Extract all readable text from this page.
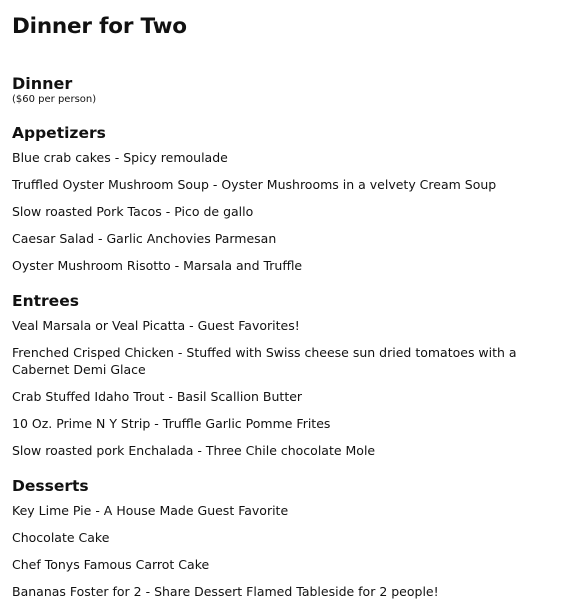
Dinner for Two
Dinner
($60 per person)
Appetizers
Blue crab cakes - Spicy remoulade
Truffled Oyster Mushroom Soup - Oyster Mushrooms in a velvety Cream Soup
Slow roasted Pork Tacos - Pico de gallo
Caesar Salad - Garlic Anchovies Parmesan
Oyster Mushroom Risotto - Marsala and Truffle
Entrees
Veal Marsala or Veal Picatta - Guest Favorites!
Frenched Crisped Chicken - Stuffed with Swiss cheese sun dried tomatoes with a Cabernet Demi Glace
Crab Stuffed Idaho Trout - Basil Scallion Butter
10 Oz. Prime N Y Strip - Truffle Garlic Pomme Frites
Slow roasted pork Enchalada - Three Chile chocolate Mole
Desserts
Key Lime Pie - A House Made Guest Favorite
Chocolate Cake
Chef Tonys Famous Carrot Cake
Bananas Foster for 2 - Share Dessert Flamed Tableside for 2 people!
